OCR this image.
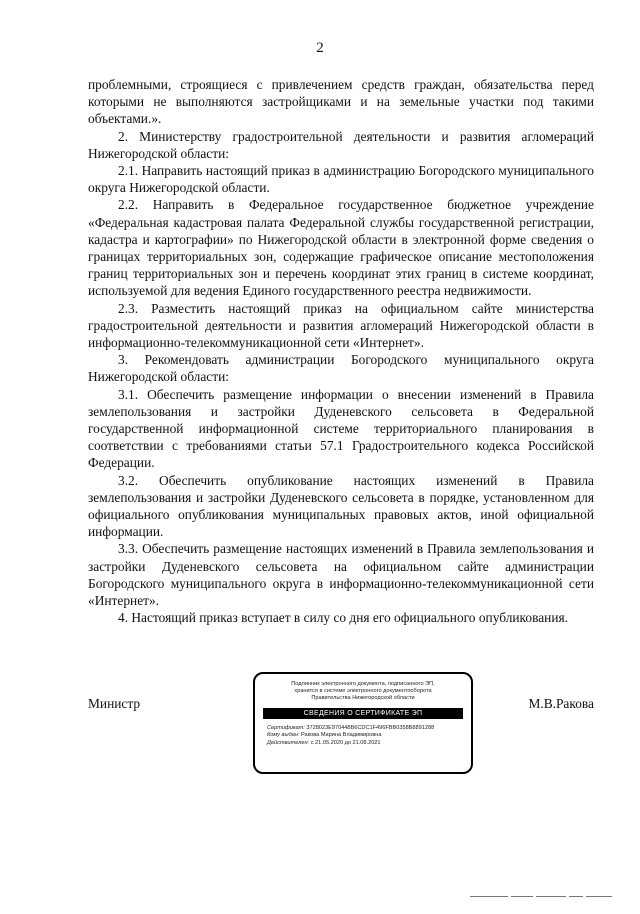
2

проблемными, строящиеся с привлечением средств граждан, обязательства перед которыми не выполняются застройщиками и на земельные участки под такими объектами.».

2. Министерству градостроительной деятельности и развития агломераций Нижегородской области:

2.1. Направить настоящий приказ в администрацию Богородского муниципального округа Нижегородской области.

2.2. Направить в Федеральное государственное бюджетное учреждение «Федеральная кадастровая палата Федеральной службы государственной регистрации, кадастра и картографии» по Нижегородской области в электронной форме сведения о границах территориальных зон, содержащие графическое описание местоположения границ территориальных зон и перечень координат этих границ в системе координат, используемой для ведения Единого государственного реестра недвижимости.

2.3. Разместить настоящий приказ на официальном сайте министерства градостроительной деятельности и развития агломераций Нижегородской области в информационно-телекоммуникационной сети «Интернет».

3. Рекомендовать администрации Богородского муниципального округа Нижегородской области:

3.1. Обеспечить размещение информации о внесении изменений в Правила землепользования и застройки Дуденевского сельсовета в Федеральной государственной информационной системе территориального планирования в соответствии с требованиями статьи 57.1 Градостроительного кодекса Российской Федерации.

3.2. Обеспечить опубликование настоящих изменений в Правила землепользования и застройки Дуденевского сельсовета в порядке, установленном для официального опубликования муниципальных правовых актов, иной официальной информации.

3.3. Обеспечить размещение настоящих изменений в Правила землепользования и застройки Дуденевского сельсовета на официальном сайте администрации Богородского муниципального округа в информационно-телекоммуникационной сети «Интернет».

4. Настоящий приказ вступает в силу со дня его официального опубликования.

Министр
Подлинник электронного документа, подписанного ЭП,
хранится в системе электронного документооборота
Правительства Нижегородской области
СВЕДЕНИЯ О СЕРТИФИКАТЕ ЭП
Сертификат: 3728023E970448B6CDC1F496FBB0358B8891288
Кому выдан: Ракова Марина Владимировна
Действителен: с 21.05.2020 до 21.08.2021
М.В.Ракова
